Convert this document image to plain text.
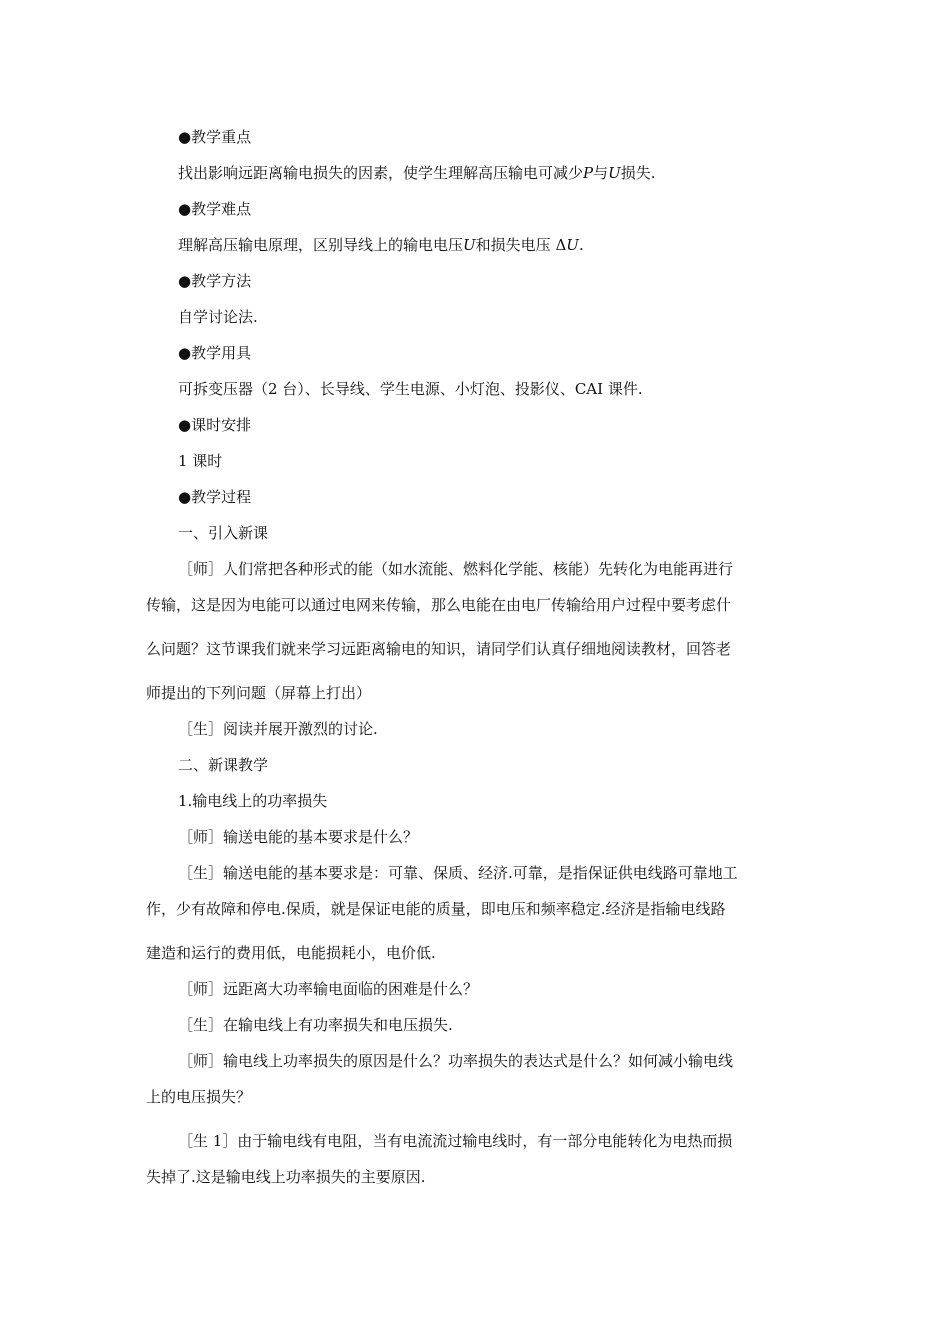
●教学重点
找出影响远距离输电损失的因素，使学生理解高压输电可减少P与U损失.
●教学难点
理解高压输电原理，区别导线上的输电电压U和损失电压 ΔU.
●教学方法
自学讨论法.
●教学用具
可拆变压器（2 台）、长导线、学生电源、小灯泡、投影仪、CAI 课件.
●课时安排
1 课时
●教学过程
一、引入新课
［师］人们常把各种形式的能（如水流能、燃料化学能、核能）先转化为电能再进行
传输，这是因为电能可以通过电网来传输，那么电能在由电厂传输给用户过程中要考虑什
么问题？这节课我们就来学习远距离输电的知识，请同学们认真仔细地阅读教材，回答老
师提出的下列问题（屏幕上打出）
［生］阅读并展开激烈的讨论.
二、新课教学
1.输电线上的功率损失
［师］输送电能的基本要求是什么？
［生］输送电能的基本要求是：可靠、保质、经济.可靠，是指保证供电线路可靠地工
作，少有故障和停电.保质，就是保证电能的质量，即电压和频率稳定.经济是指输电线路
建造和运行的费用低，电能损耗小，电价低.
［师］远距离大功率输电面临的困难是什么？
［生］在输电线上有功率损失和电压损失.
［师］输电线上功率损失的原因是什么？功率损失的表达式是什么？如何减小输电线
上的电压损失？
［生 1］由于输电线有电阻，当有电流流过输电线时，有一部分电能转化为电热而损
失掉了.这是输电线上功率损失的主要原因.
